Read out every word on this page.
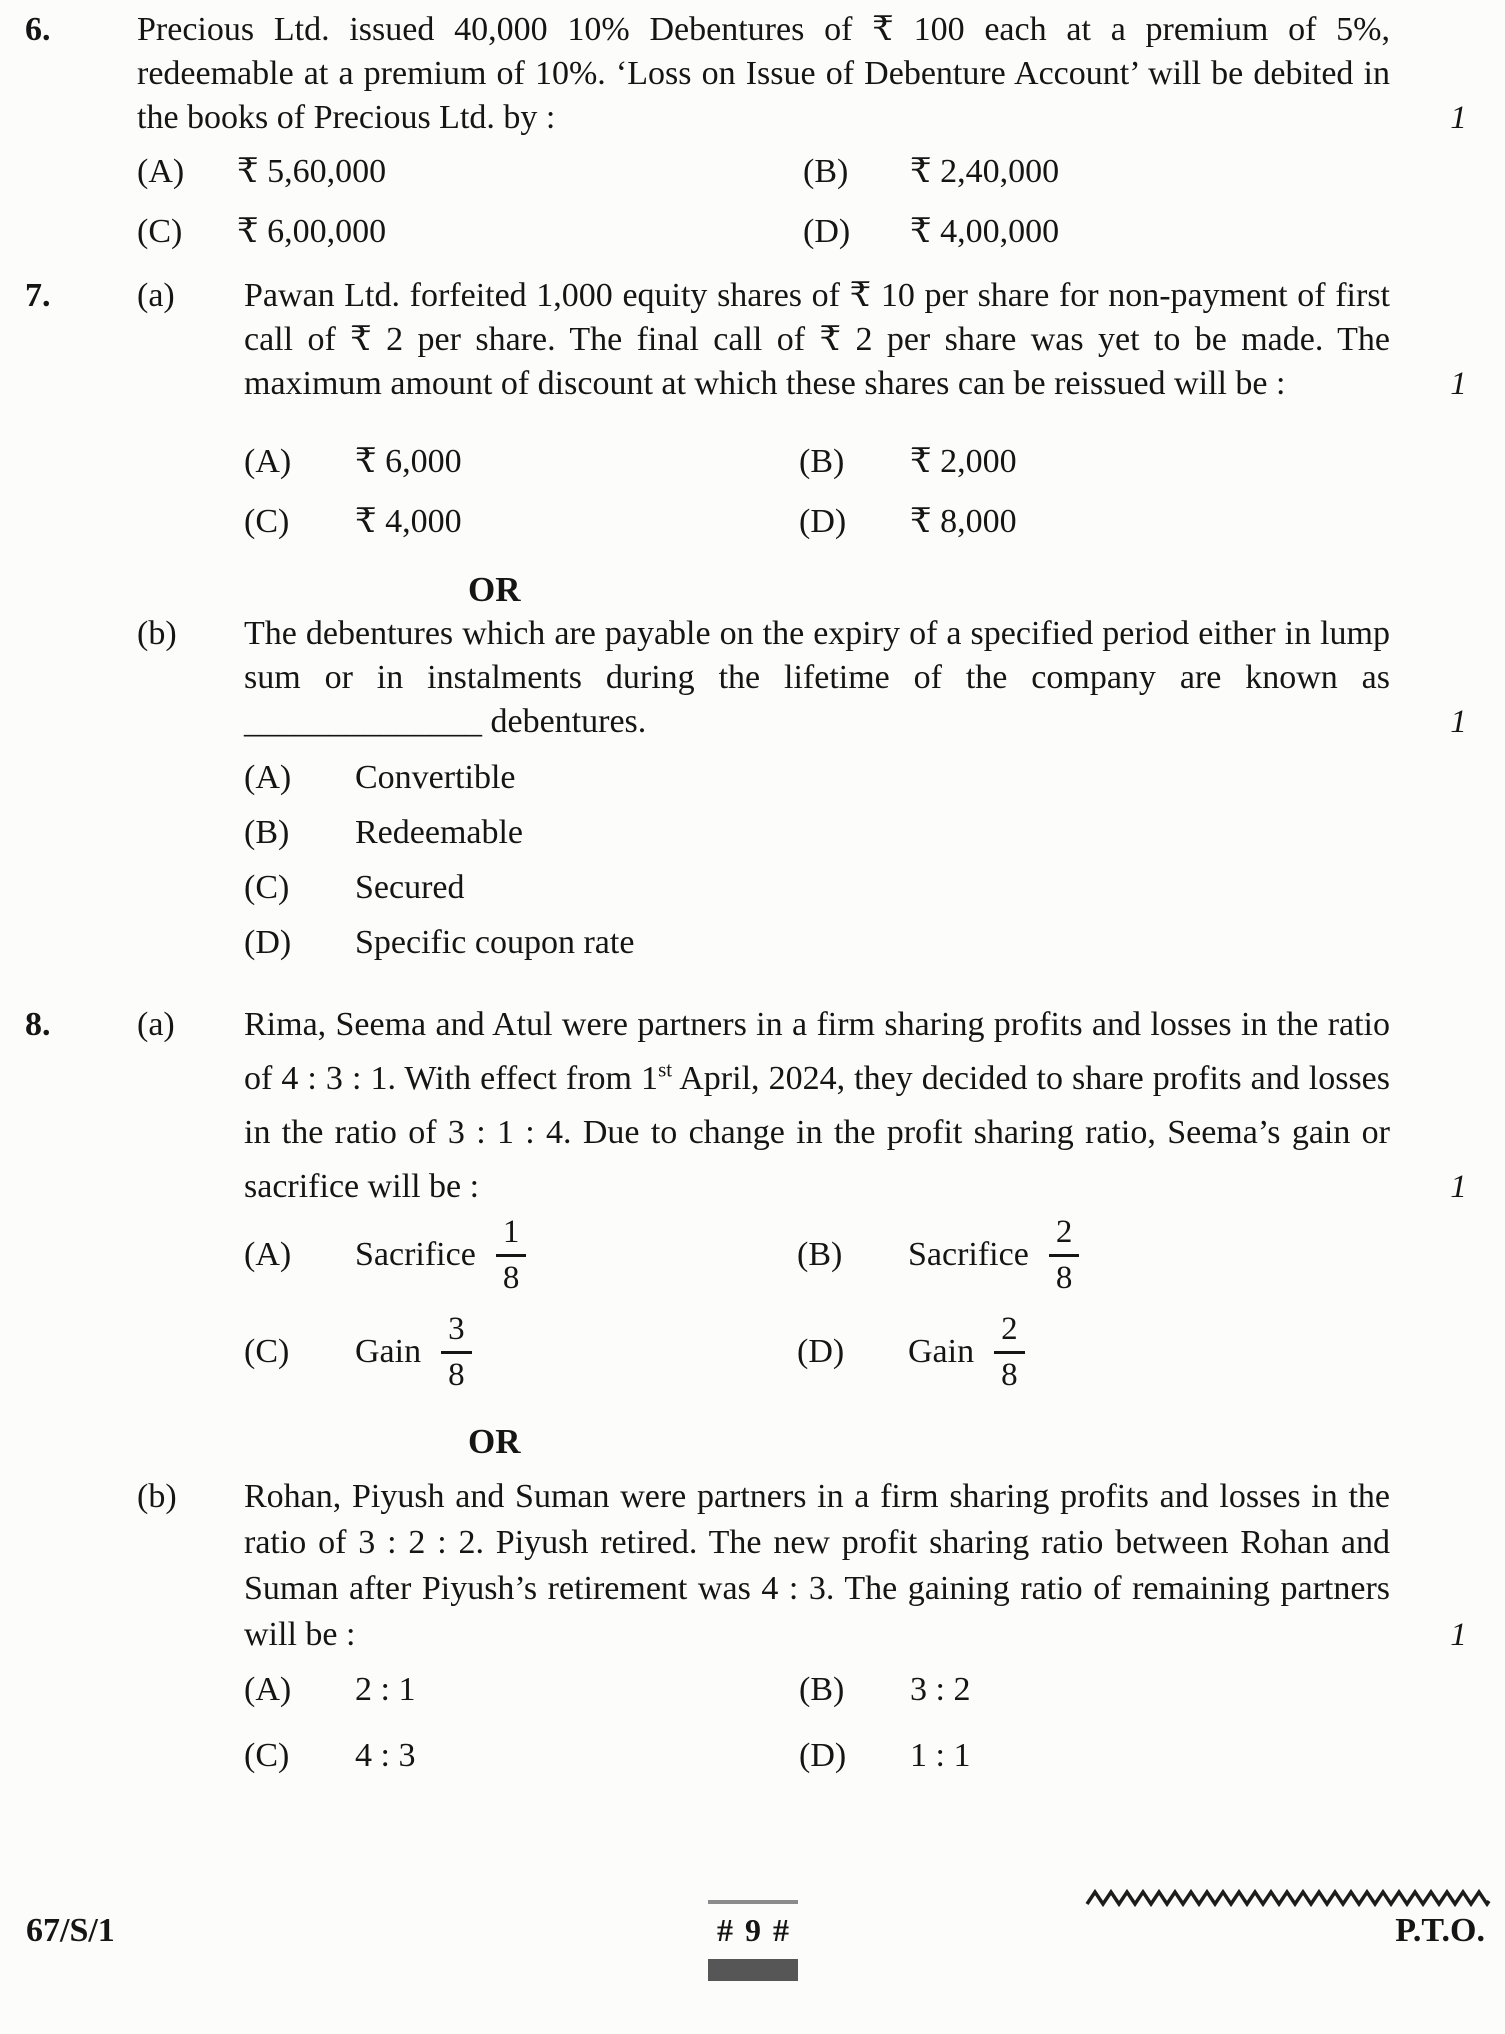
6.	Precious Ltd. issued 40,000 10% Debentures of ₹ 100 each at a premium of 5%, redeemable at a premium of 10%. ‘Loss on Issue of Debenture Account’ will be debited in the books of Precious Ltd. by :	1
(A)	₹ 5,60,000	(B)	₹ 2,40,000
(C)	₹ 6,00,000	(D)	₹ 4,00,000
7.	(a)	Pawan Ltd. forfeited 1,000 equity shares of ₹ 10 per share for non-payment of first call of ₹ 2 per share. The final call of ₹ 2 per share was yet to be made. The maximum amount of discount at which these shares can be reissued will be :	1
(A)	₹ 6,000	(B)	₹ 2,000
(C)	₹ 4,000	(D)	₹ 8,000
OR
(b)	The debentures which are payable on the expiry of a specified period either in lump sum or in instalments during the lifetime of the company are known as ______________ debentures.	1
(A)	Convertible
(B)	Redeemable
(C)	Secured
(D)	Specific coupon rate
8.	(a)	Rima, Seema and Atul were partners in a firm sharing profits and losses in the ratio of 4 : 3 : 1. With effect from 1st April, 2024, they decided to share profits and losses in the ratio of 3 : 1 : 4. Due to change in the profit sharing ratio, Seema’s gain or sacrifice will be :	1
(A)	Sacrifice $\frac{1}{8}$	(B)	Sacrifice $\frac{2}{8}$
(C)	Gain $\frac{3}{8}$	(D)	Gain $\frac{2}{8}$
OR
(b)	Rohan, Piyush and Suman were partners in a firm sharing profits and losses in the ratio of 3 : 2 : 2. Piyush retired. The new profit sharing ratio between Rohan and Suman after Piyush’s retirement was 4 : 3. The gaining ratio of remaining partners will be :	1
(A)	2 : 1	(B)	3 : 2
(C)	4 : 3	(D)	1 : 1
67/S/1	# 9 #	P.T.O.
